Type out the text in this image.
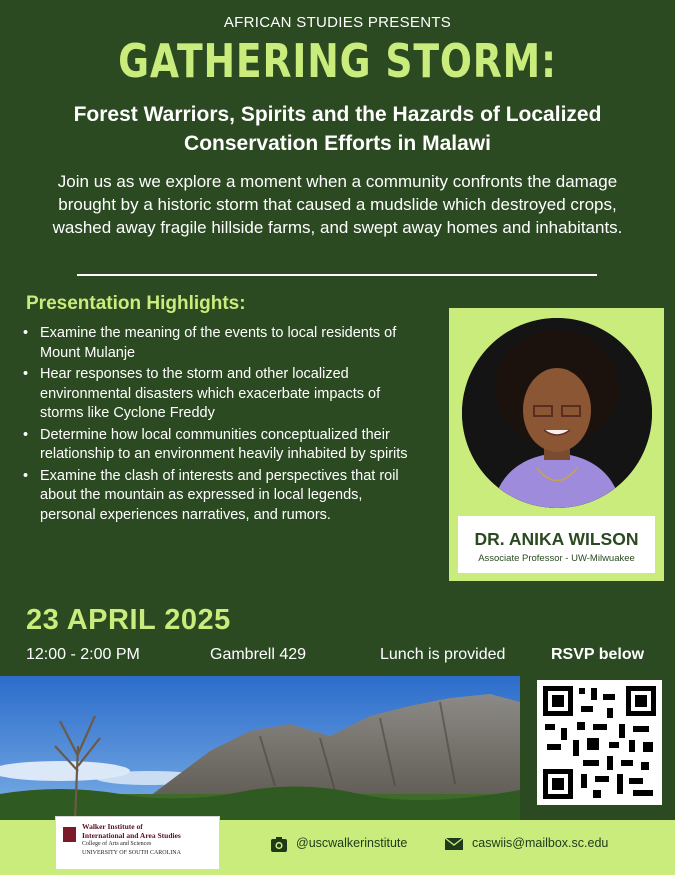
AFRICAN STUDIES PRESENTS
GATHERING STORM:
Forest Warriors, Spirits and the Hazards of Localized Conservation Efforts in Malawi
Join us as we explore a moment when a community confronts the damage brought by a historic storm that caused a mudslide which destroyed crops, washed away fragile hillside farms, and swept away homes and inhabitants.
Presentation Highlights:
• Examine the meaning of the events to local residents of Mount Mulanje
• Hear responses to the storm and other localized environmental disasters which exacerbate impacts of storms like Cyclone Freddy
• Determine how local communities conceptualized their relationship to an environment heavily inhabited by spirits
• Examine the clash of interests and perspectives that roil about the mountain as expressed in local legends, personal experiences narratives, and rumors.
DR. ANIKA WILSON
Associate Professor - UW-Milwuakee
23 APRIL 2025
12:00 - 2:00 PM	Gambrell 429	Lunch is provided	RSVP below
Walker Institute of
International and Area Studies
College of Arts and Sciences
UNIVERSITY OF SOUTH CAROLINA
@uscwalkerinstitute	caswiis@mailbox.sc.edu
